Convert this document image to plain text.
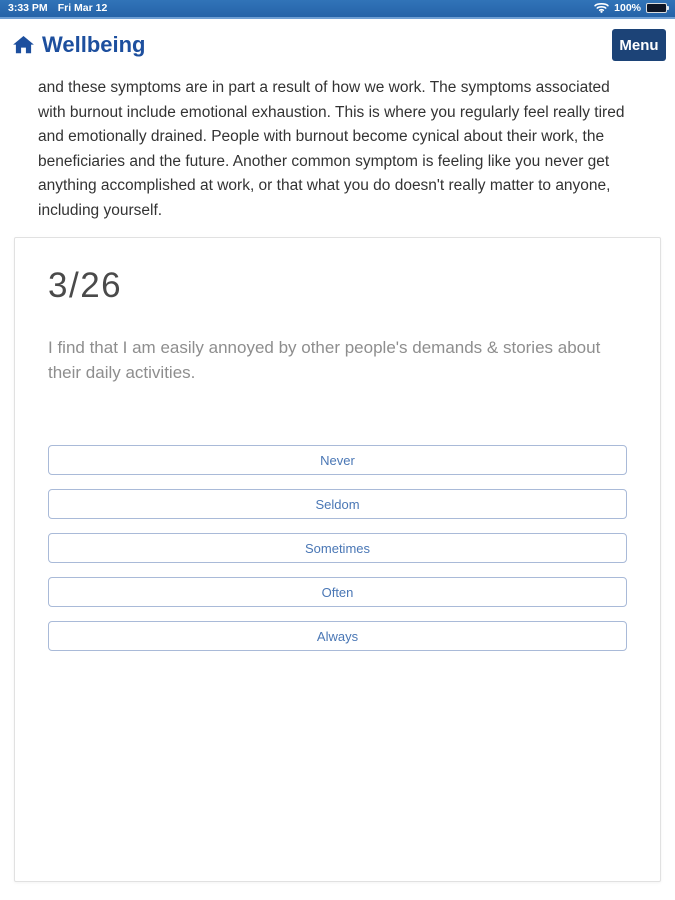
3:33 PM Fri Mar 12	100%
Wellbeing	Menu
and these symptoms are in part a result of how we work. The symptoms associated with burnout include emotional exhaustion. This is where you regularly feel really tired and emotionally drained. People with burnout become cynical about their work, the beneficiaries and the future. Another common symptom is feeling like you never get anything accomplished at work, or that what you do doesn't really matter to anyone, including yourself.
3/26
I find that I am easily annoyed by other people's demands & stories about their daily activities.
Never
Seldom
Sometimes
Often
Always
